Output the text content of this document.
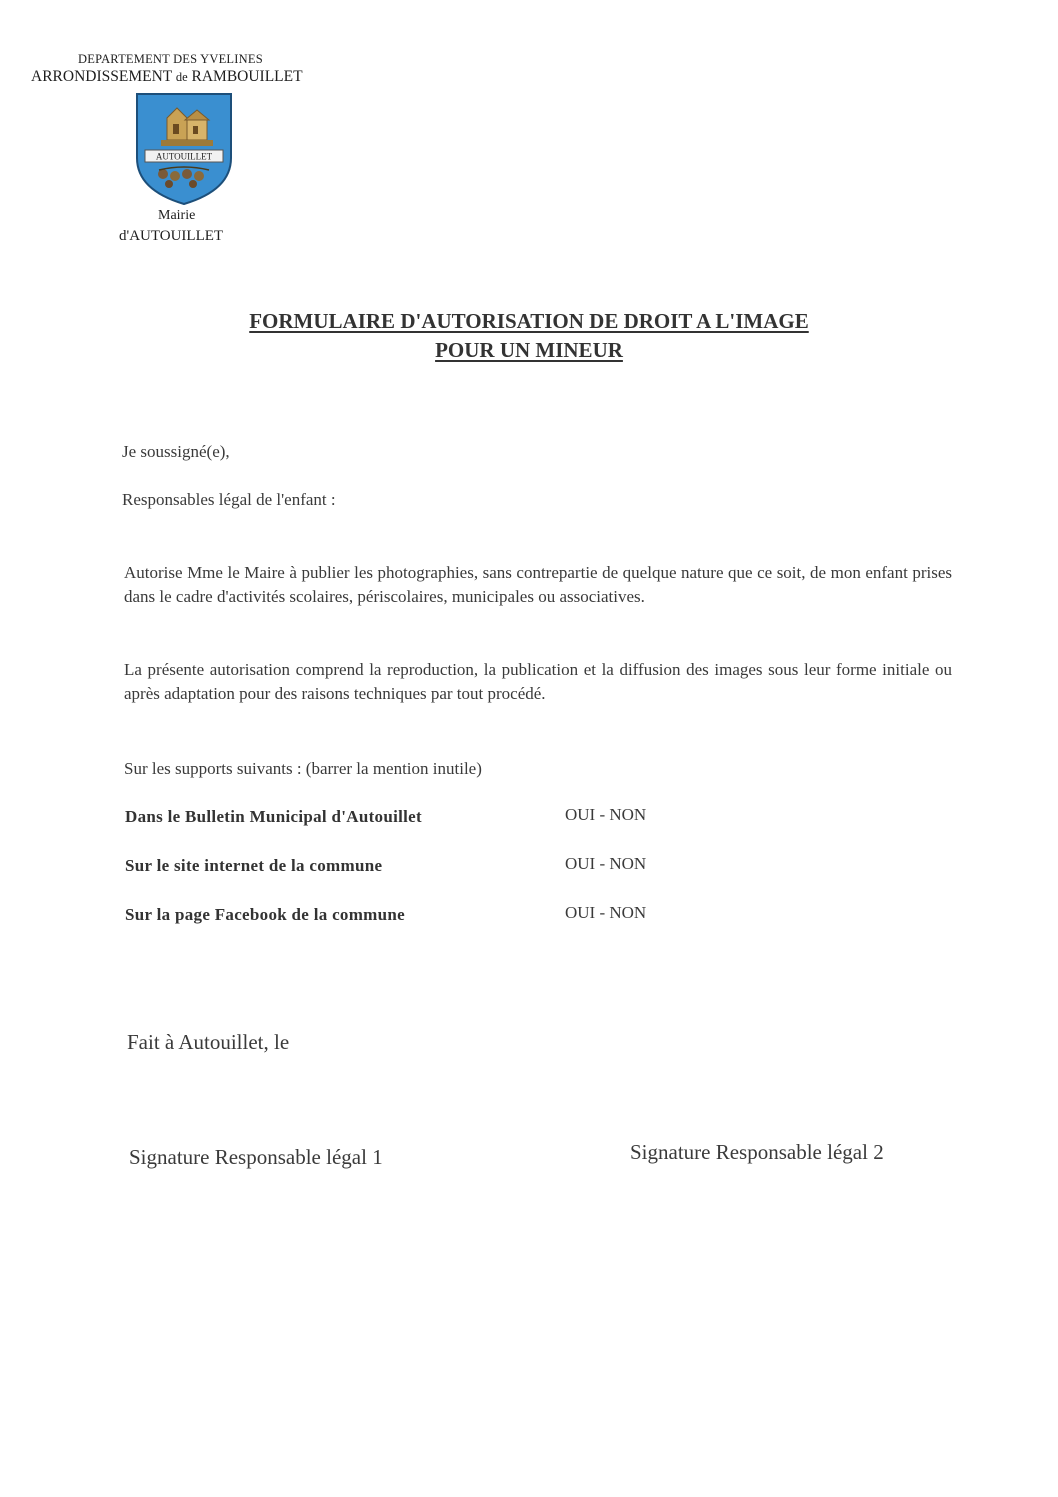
DEPARTEMENT DES YVELINES
ARRONDISSEMENT de RAMBOUILLET
AUTOUILLET
Mairie
d'AUTOUILLET
FORMULAIRE D'AUTORISATION DE DROIT A L'IMAGE
POUR UN MINEUR
Je soussigné(e),
Responsables légal de l'enfant :
Autorise Mme le Maire à publier les photographies, sans contrepartie de quelque nature que ce soit, de mon enfant prises dans le cadre d'activités scolaires, périscolaires, municipales ou associatives.
La présente autorisation comprend la reproduction, la publication et la diffusion des images sous leur forme initiale ou après adaptation pour des raisons techniques par tout procédé.
Sur les supports suivants : (barrer la mention inutile)
Dans le Bulletin Municipal d'Autouillet	OUI - NON
Sur le site internet de la commune	OUI - NON
Sur la page Facebook de la commune	OUI - NON
Fait à Autouillet, le
Signature Responsable légal 1	Signature Responsable légal 2
